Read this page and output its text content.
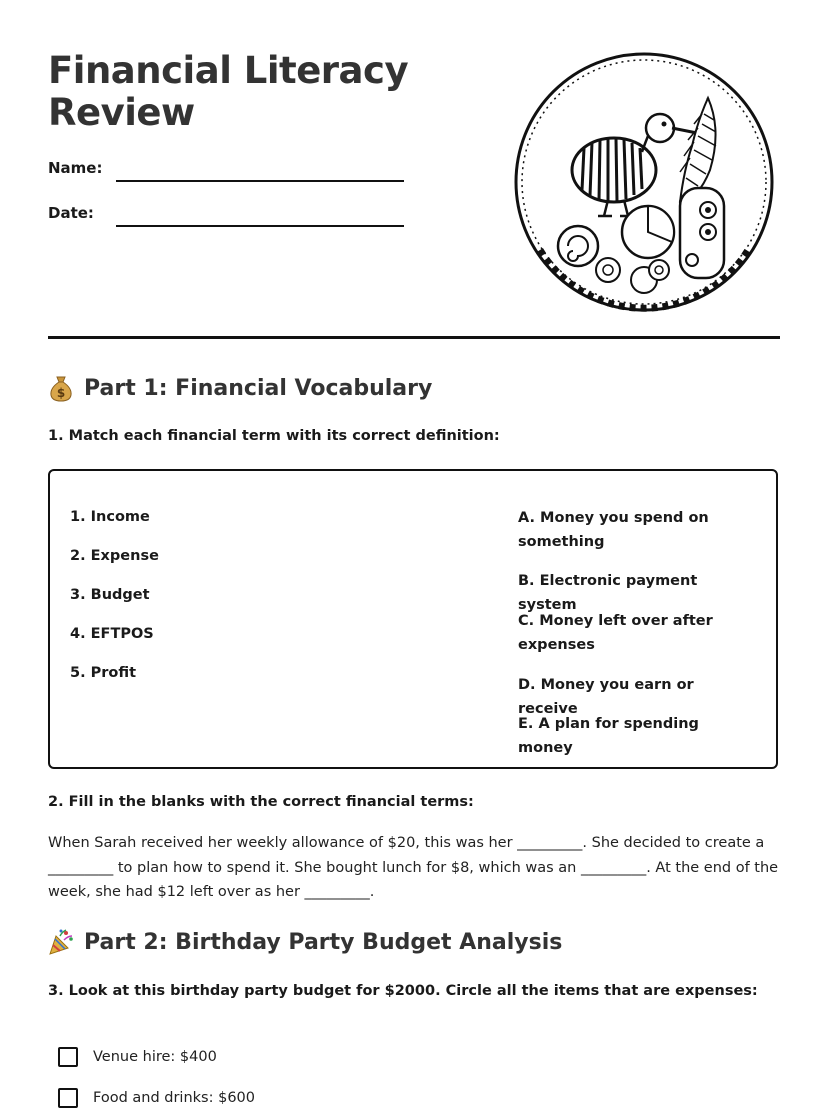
Financial Literacy
Review
Name:
Date:
$ Part 1: Financial Vocabulary
1. Match each financial term with its correct definition:
1. Income
2. Expense
3. Budget
4. EFTPOS
5. Profit
A. Money you spend on something
B. Electronic payment system
C. Money left over after expenses
D. Money you earn or receive
E. A plan for spending money
2. Fill in the blanks with the correct financial terms:
When Sarah received her weekly allowance of $20, this was her _________. She decided to create a _________ to plan how to spend it. She bought lunch for $8, which was an _________. At the end of the week, she had $12 left over as her _________.
Part 2: Birthday Party Budget Analysis
3. Look at this birthday party budget for $2000. Circle all the items that are expenses:
Venue hire: $400
Food and drinks: $600
